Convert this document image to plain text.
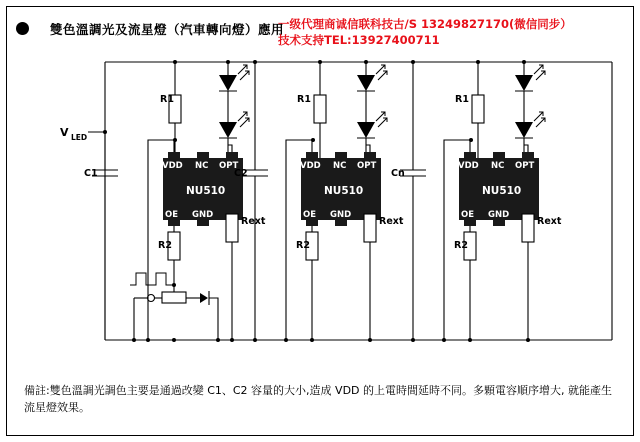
雙色溫調光及流星燈（汽車轉向燈）應用
一级代理商诚信联科技古/S 13249827170(微信同步）
技术支持TEL:13927400711
V LED
R1
C1
VDD NC OPT
NU510
OE GND
Rext
R2
R1
C2
VDD NC OPT
NU510
OE GND
Rext
R2
R1
Cn
VDD NC OPT
NU510
OE GND
Rext
R2
備註:雙色溫調光調色主要是通過改變 C1、C2 容量的大小,造成 VDD 的上電時間延時不同。多顆電容順序增大, 就能產生流星燈效果。
